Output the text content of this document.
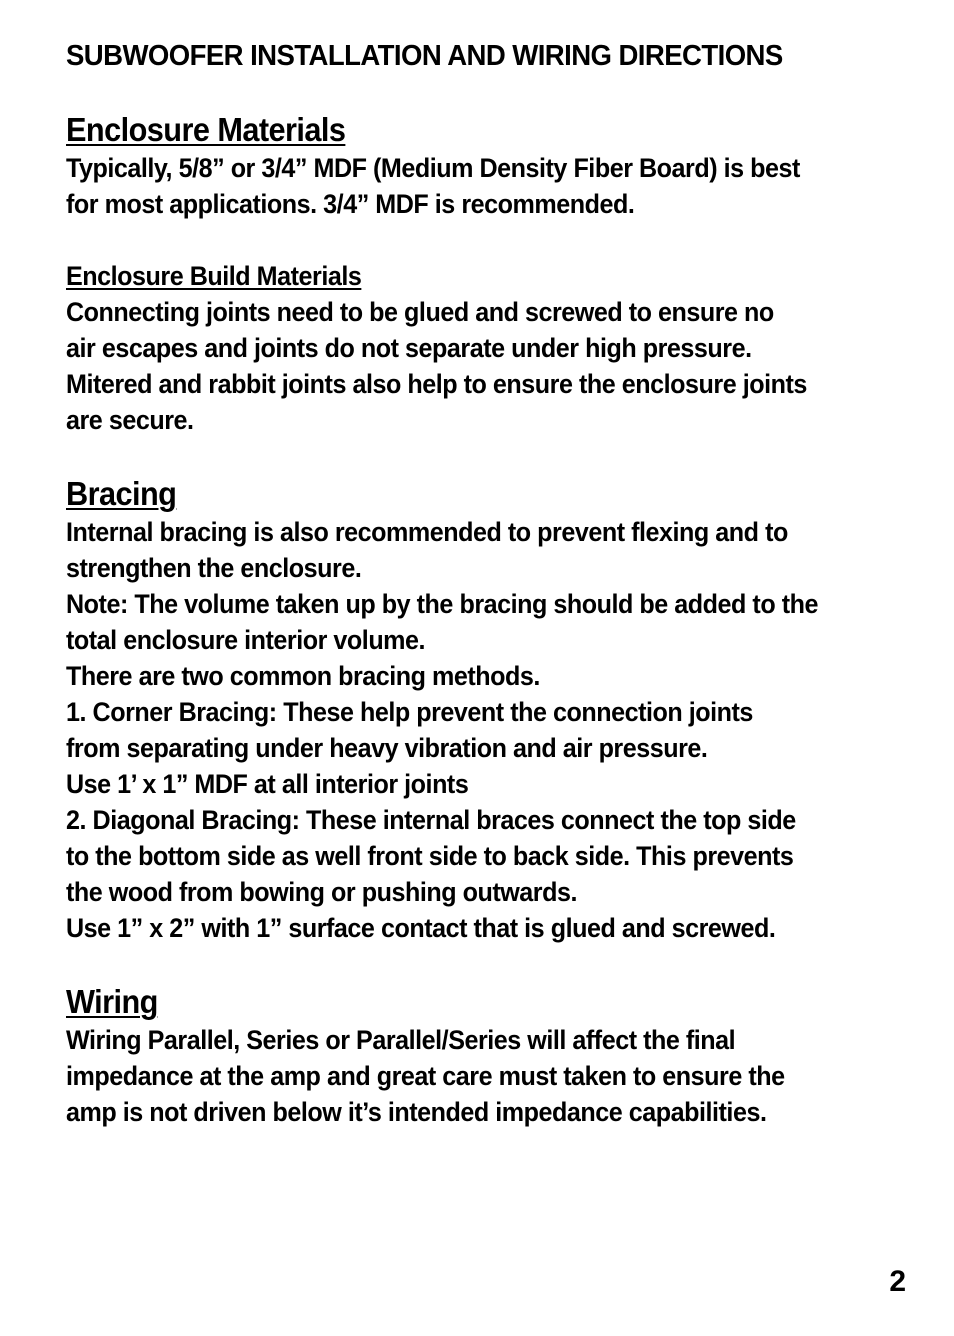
SUBWOOFER INSTALLATION AND WIRING DIRECTIONS
Enclosure Materials

Typically, 5/8” or 3/4” MDF (Medium Density Fiber Board) is best

for most applications. 3/4” MDF is recommended.

Enclosure Build Materials

Connecting joints need to be glued and screwed to ensure no

air escapes and joints do not separate under high pressure.

Mitered and rabbit joints also help to ensure the enclosure joints

are secure.

Bracing

Internal bracing is also recommended to prevent flexing and to

strengthen the enclosure.

Note: The volume taken up by the bracing should be added to the

total enclosure interior volume.

There are two common bracing methods.

1. Corner Bracing: These help prevent the connection joints

from separating under heavy vibration and air pressure.

Use 1’ x 1” MDF at all interior joints

2. Diagonal Bracing: These internal braces connect the top side

to the bottom side as well front side to back side. This prevents

the wood from bowing or pushing outwards.

Use 1” x 2” with 1” surface contact that is glued and screwed.

Wiring

Wiring Parallel, Series or Parallel/Series will affect the final

impedance at the amp and great care must taken to ensure the

amp is not driven below it’s intended impedance capabilities.

2
